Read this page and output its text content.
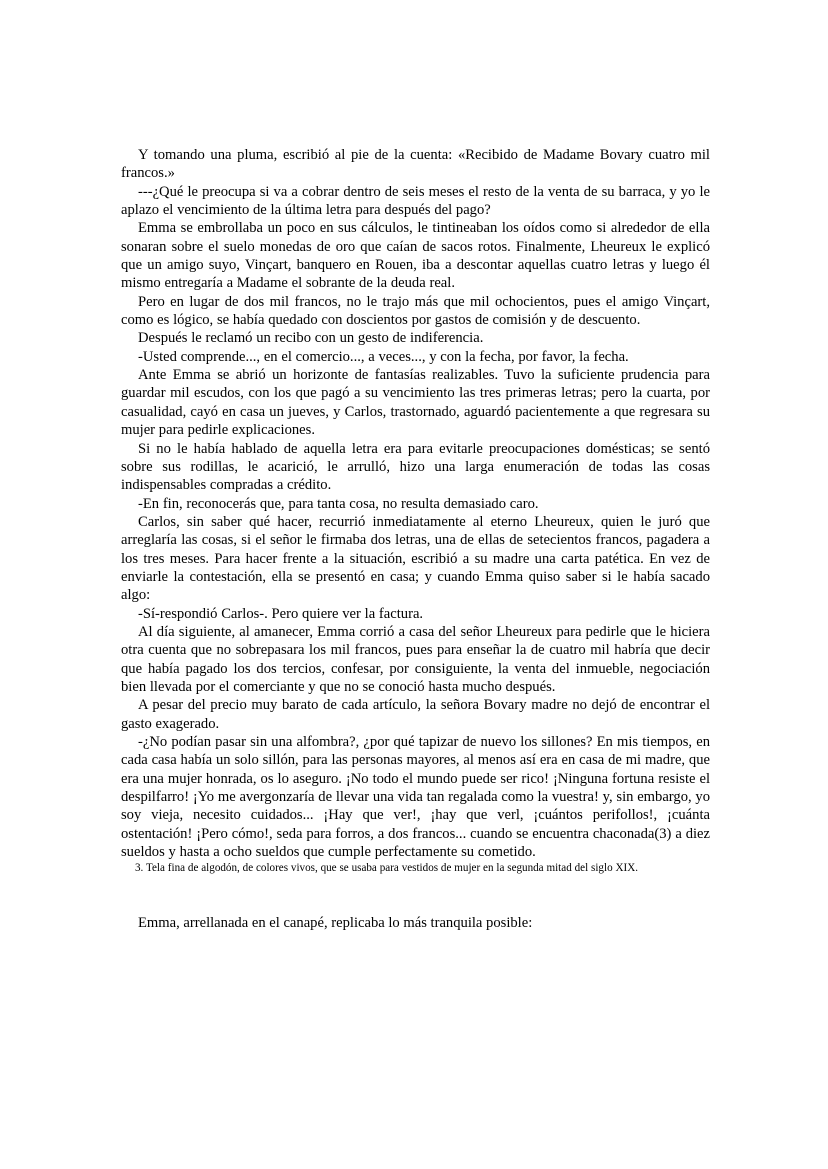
Y tomando una pluma, escribió al pie de la cuenta: «Recibido de Madame Bovary cuatro mil francos.»

---¿Qué le preocupa si va a cobrar dentro de seis meses el resto de la venta de su barraca, y yo le aplazo el vencimiento de la última letra para después del pago?

Emma se embrollaba un poco en sus cálculos, le tintineaban los oídos como si alrededor de ella sonaran sobre el suelo monedas de oro que caían de sacos rotos. Finalmente, Lheureux le explicó que un amigo suyo, Vinçart, banquero en Rouen, iba a descontar aquellas cuatro letras y luego él mismo entregaría a Madame el sobrante de la deuda real.

Pero en lugar de dos mil francos, no le trajo más que mil ochocientos, pues el amigo Vinçart, como es lógico, se había quedado con doscientos por gastos de comisión y de descuento.

Después le reclamó un recibo con un gesto de indiferencia.

-Usted comprende..., en el comercio..., a veces..., y con la fecha, por favor, la fecha.

Ante Emma se abrió un horizonte de fantasías realizables. Tuvo la suficiente prudencia para guardar mil escudos, con los que pagó a su vencimiento las tres primeras letras; pero la cuarta, por casualidad, cayó en casa un jueves, y Carlos, trastornado, aguardó pacientemente a que regresara su mujer para pedirle explicaciones.

Si no le había hablado de aquella letra era para evitarle preocupaciones domésticas; se sentó sobre sus rodillas, le acarició, le arrulló, hizo una larga enumeración de todas las cosas indispensables compradas a crédito.

-En fin, reconocerás que, para tanta cosa, no resulta demasiado caro.

Carlos, sin saber qué hacer, recurrió inmediatamente al eterno Lheureux, quien le juró que arreglaría las cosas, si el señor le firmaba dos letras, una de ellas de setecientos francos, pagadera a los tres meses. Para hacer frente a la situación, escribió a su madre una carta patética. En vez de enviarle la contestación, ella se presentó en casa; y cuando Emma quiso saber si le había sacado algo:

-Sí-respondió Carlos-. Pero quiere ver la factura.

Al día siguiente, al amanecer, Emma corrió a casa del señor Lheureux para pedirle que le hiciera otra cuenta que no sobrepasara los mil francos, pues para enseñar la de cuatro mil habría que decir que había pagado los dos tercios, confesar, por consiguiente, la venta del inmueble, negociación bien llevada por el comerciante y que no se conoció hasta mucho después.

A pesar del precio muy barato de cada artículo, la señora Bovary madre no dejó de encontrar el gasto exagerado.

-¿No podían pasar sin una alfombra?, ¿por qué tapizar de nuevo los sillones? En mis tiempos, en cada casa había un solo sillón, para las personas mayores, al menos así era en casa de mi madre, que era una mujer honrada, os lo aseguro. ¡No todo el mundo puede ser rico! ¡Ninguna fortuna resiste el despilfarro! ¡Yo me avergonzaría de llevar una vida tan regalada como la vuestra! y, sin embargo, yo soy vieja, necesito cuidados... ¡Hay que ver!, ¡hay que verl, ¡cuántos perifollos!, ¡cuánta ostentación! ¡Pero cómo!, seda para forros, a dos francos... cuando se encuentra chaconada(3) a diez sueldos y hasta a ocho sueldos que cumple perfectamente su cometido.

3. Tela fina de algodón, de colores vivos, que se usaba para vestidos de mujer en la segunda mitad del siglo XIX.

Emma, arrellanada en el canapé, replicaba lo más tranquila posible:
